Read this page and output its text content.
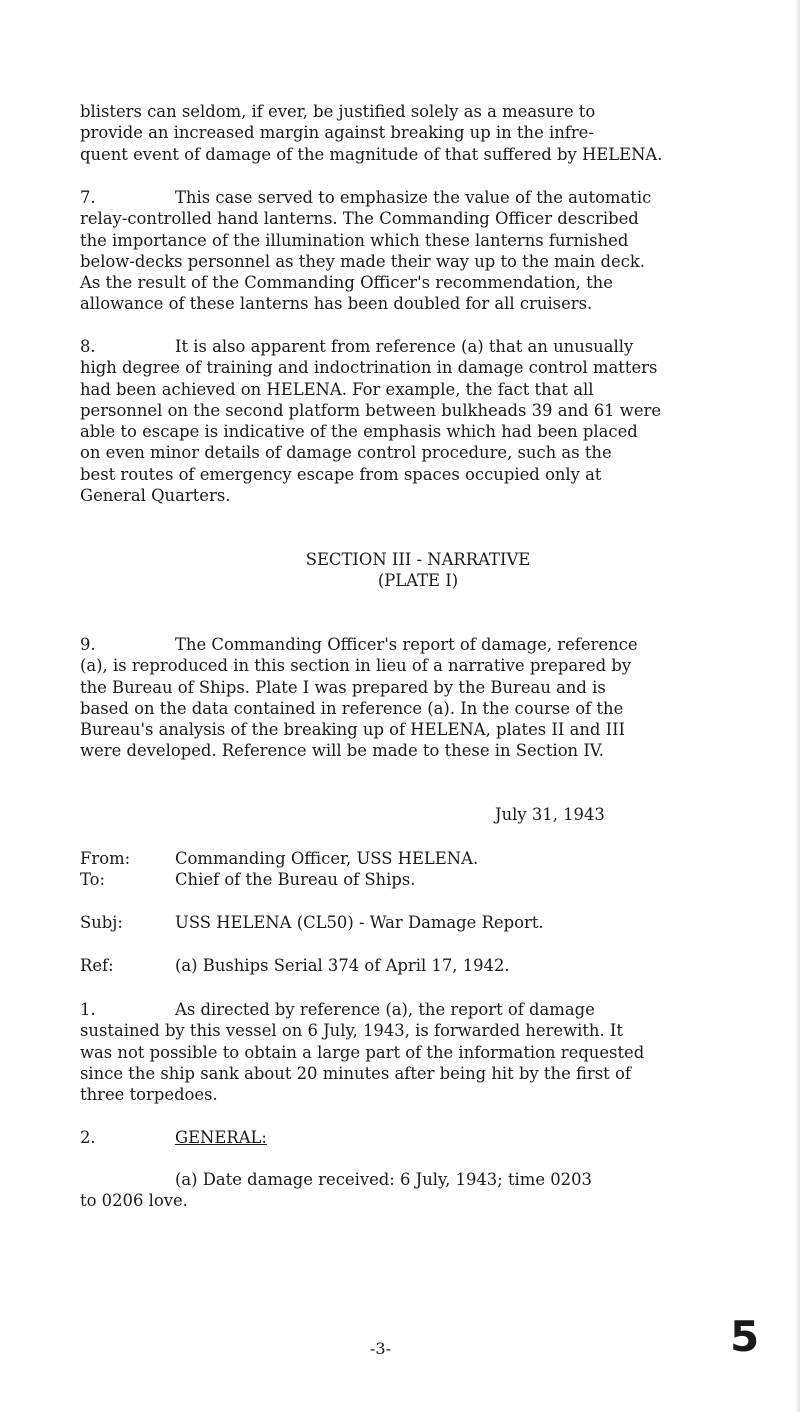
blisters can seldom, if ever, be justified solely as a measure to
provide an increased margin against breaking up in the infre-
quent event of damage of the magnitude of that suffered by HELENA.
7.	This case served to emphasize the value of the automatic
relay-controlled hand lanterns. The Commanding Officer described
the importance of the illumination which these lanterns furnished
below-decks personnel as they made their way up to the main deck.
As the result of the Commanding Officer's recommendation, the
allowance of these lanterns has been doubled for all cruisers.
8.	It is also apparent from reference (a) that an unusually
high degree of training and indoctrination in damage control matters
had been achieved on HELENA. For example, the fact that all
personnel on the second platform between bulkheads 39 and 61 were
able to escape is indicative of the emphasis which had been placed
on even minor details of damage control procedure, such as the
best routes of emergency escape from spaces occupied only at
General Quarters.
SECTION III - NARRATIVE
(PLATE I)
9.	The Commanding Officer's report of damage, reference
(a), is reproduced in this section in lieu of a narrative prepared by
the Bureau of Ships. Plate I was prepared by the Bureau and is
based on the data contained in reference (a). In the course of the
Bureau's analysis of the breaking up of HELENA, plates II and III
were developed. Reference will be made to these in Section IV.
July 31, 1943
From:	Commanding Officer, USS HELENA.
To:	Chief of the Bureau of Ships.
Subj:	USS HELENA (CL50) - War Damage Report.
Ref:	(a) Buships Serial 374 of April 17, 1942.
1.	As directed by reference (a), the report of damage
sustained by this vessel on 6 July, 1943, is forwarded herewith. It
was not possible to obtain a large part of the information requested
since the ship sank about 20 minutes after being hit by the first of
three torpedoes.
2.	GENERAL:
(a) Date damage received: 6 July, 1943; time 0203
to 0206 love.
-3-	5
